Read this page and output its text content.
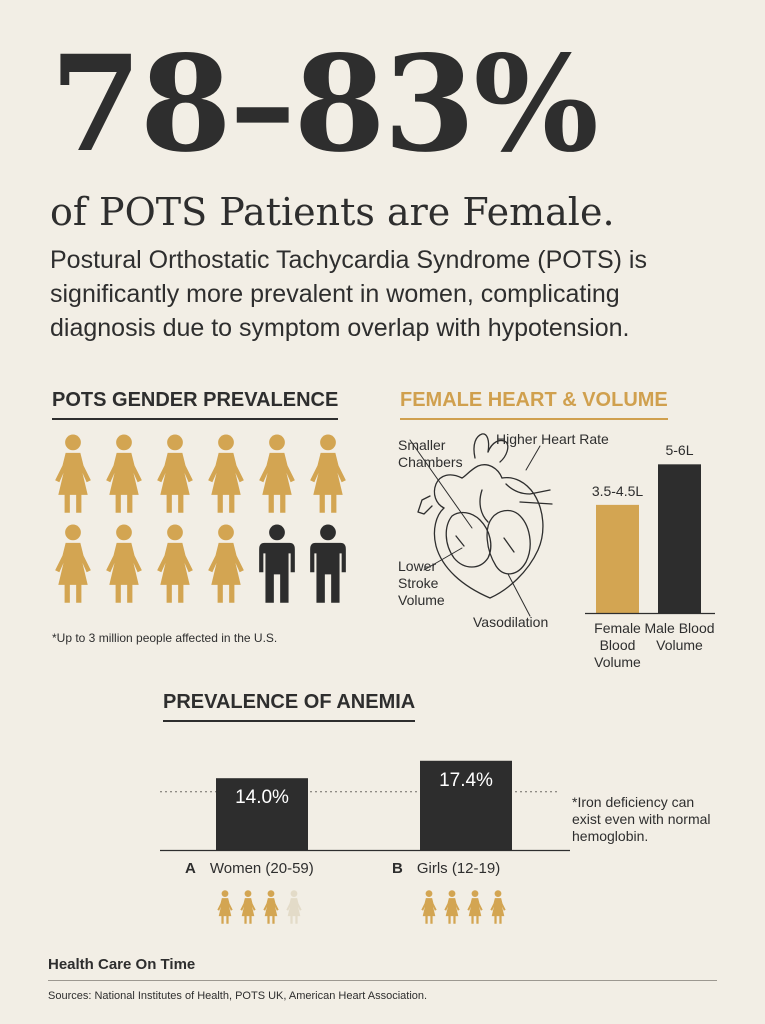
78–83%
of POTS Patients are Female.
Postural Orthostatic Tachycardia Syndrome (POTS) is significantly more prevalent in women, complicating diagnosis due to symptom overlap with hypotension.
POTS GENDER PREVALENCE
*Up to 3 million people affected in the U.S.
FEMALE HEART & VOLUME
Smaller Chambers
Higher Heart Rate
Lower Stroke Volume
Vasodilation
3.5-4.5L
5-6L
Female Blood Volume
Male Blood Volume
PREVALENCE OF ANEMIA
14.0%
17.4%
*Iron deficiency can exist even with normal hemoglobin.
A Women (20-59)	B Girls (12-19)
Health Care On Time
Sources: National Institutes of Health, POTS UK, American Heart Association.
